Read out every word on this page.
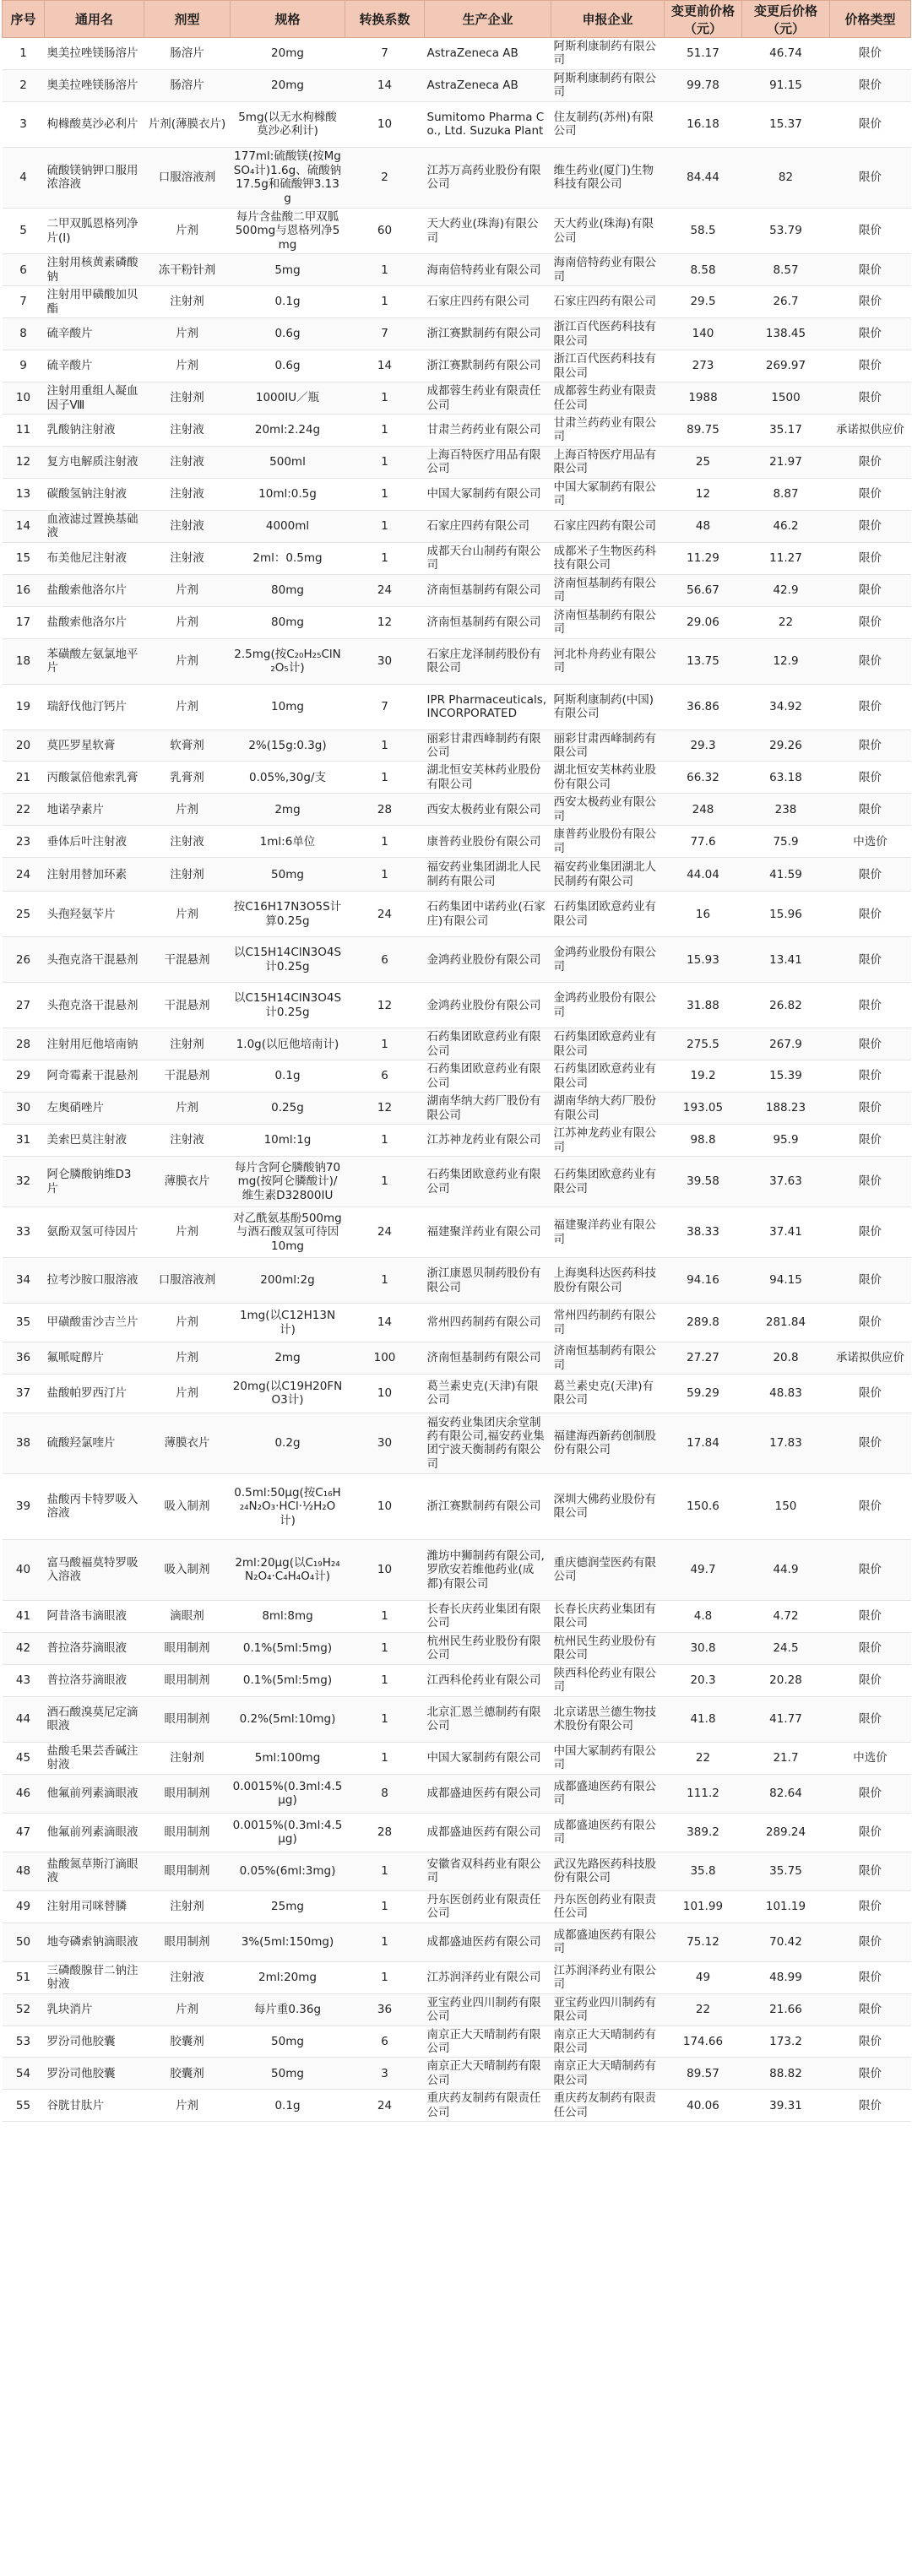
序号	通用名	剂型	规格	转换系数	生产企业	申报企业	变更前价格（元）	变更后价格（元）	价格类型
1	奥美拉唑镁肠溶片	肠溶片	20mg	7	AstraZeneca AB	阿斯利康制药有限公司	51.17	46.74	限价
2	奥美拉唑镁肠溶片	肠溶片	20mg	14	AstraZeneca AB	阿斯利康制药有限公司	99.78	91.15	限价
3	枸橼酸莫沙必利片	片剂(薄膜衣片)	5mg(以无水枸橼酸莫沙必利计)	10	Sumitomo Pharma Co., Ltd. Suzuka Plant	住友制药(苏州)有限公司	16.18	15.37	限价
4	硫酸镁钠钾口服用浓溶液	口服溶液剂	177ml:硫酸镁(按MgSO₄计)1.6g、硫酸钠17.5g和硫酸钾3.13g	2	江苏万高药业股份有限公司	维生药业(厦门)生物科技有限公司	84.44	82	限价
5	二甲双胍恩格列净片(Ⅰ)	片剂	每片含盐酸二甲双胍500mg与恩格列净5mg	60	天大药业(珠海)有限公司	天大药业(珠海)有限公司	58.5	53.79	限价
6	注射用核黄素磷酸钠	冻干粉针剂	5mg	1	海南倍特药业有限公司	海南倍特药业有限公司	8.58	8.57	限价
7	注射用甲磺酸加贝酯	注射剂	0.1g	1	石家庄四药有限公司	石家庄四药有限公司	29.5	26.7	限价
8	硫辛酸片	片剂	0.6g	7	浙江赛默制药有限公司	浙江百代医药科技有限公司	140	138.45	限价
9	硫辛酸片	片剂	0.6g	14	浙江赛默制药有限公司	浙江百代医药科技有限公司	273	269.97	限价
10	注射用重组人凝血因子Ⅷ	注射剂	1000IU／瓶	1	成都蓉生药业有限责任公司	成都蓉生药业有限责任公司	1988	1500	限价
11	乳酸钠注射液	注射液	20ml:2.24g	1	甘肃兰药药业有限公司	甘肃兰药药业有限公司	89.75	35.17	承诺拟供应价
12	复方电解质注射液	注射液	500ml	1	上海百特医疗用品有限公司	上海百特医疗用品有限公司	25	21.97	限价
13	碳酸氢钠注射液	注射液	10ml:0.5g	1	中国大冢制药有限公司	中国大冢制药有限公司	12	8.87	限价
14	血液滤过置换基础液	注射液	4000ml	1	石家庄四药有限公司	石家庄四药有限公司	48	46.2	限价
15	布美他尼注射液	注射液	2ml：0.5mg	1	成都天台山制药有限公司	成都米子生物医药科技有限公司	11.29	11.27	限价
16	盐酸索他洛尔片	片剂	80mg	24	济南恒基制药有限公司	济南恒基制药有限公司	56.67	42.9	限价
17	盐酸索他洛尔片	片剂	80mg	12	济南恒基制药有限公司	济南恒基制药有限公司	29.06	22	限价
18	苯磺酸左氨氯地平片	片剂	2.5mg(按C₂₀H₂₅ClN₂O₅计)	30	石家庄龙泽制药股份有限公司	河北朴舟药业有限公司	13.75	12.9	限价
19	瑞舒伐他汀钙片	片剂	10mg	7	IPR Pharmaceuticals,INCORPORATED	阿斯利康制药(中国)有限公司	36.86	34.92	限价
20	莫匹罗星软膏	软膏剂	2%(15g:0.3g)	1	丽彩甘肃西峰制药有限公司	丽彩甘肃西峰制药有限公司	29.3	29.26	限价
21	丙酸氯倍他索乳膏	乳膏剂	0.05%,30g/支	1	湖北恒安芙林药业股份有限公司	湖北恒安芙林药业股份有限公司	66.32	63.18	限价
22	地诺孕素片	片剂	2mg	28	西安太极药业有限公司	西安太极药业有限公司	248	238	限价
23	垂体后叶注射液	注射液	1ml:6单位	1	康普药业股份有限公司	康普药业股份有限公司	77.6	75.9	中选价
24	注射用替加环素	注射剂	50mg	1	福安药业集团湖北人民制药有限公司	福安药业集团湖北人民制药有限公司	44.04	41.59	限价
25	头孢羟氨苄片	片剂	按C16H17N3O5S计算0.25g	24	石药集团中诺药业(石家庄)有限公司	石药集团欧意药业有限公司	16	15.96	限价
26	头孢克洛干混悬剂	干混悬剂	以C15H14ClN3O4S计0.25g	6	金鸿药业股份有限公司	金鸿药业股份有限公司	15.93	13.41	限价
27	头孢克洛干混悬剂	干混悬剂	以C15H14ClN3O4S计0.25g	12	金鸿药业股份有限公司	金鸿药业股份有限公司	31.88	26.82	限价
28	注射用厄他培南钠	注射剂	1.0g(以厄他培南计)	1	石药集团欧意药业有限公司	石药集团欧意药业有限公司	275.5	267.9	限价
29	阿奇霉素干混悬剂	干混悬剂	0.1g	6	石药集团欧意药业有限公司	石药集团欧意药业有限公司	19.2	15.39	限价
30	左奥硝唑片	片剂	0.25g	12	湖南华纳大药厂股份有限公司	湖南华纳大药厂股份有限公司	193.05	188.23	限价
31	美索巴莫注射液	注射液	10ml:1g	1	江苏神龙药业有限公司	江苏神龙药业有限公司	98.8	95.9	限价
32	阿仑膦酸钠维D3片	薄膜衣片	每片含阿仑膦酸钠70mg(按阿仑膦酸计)/维生素D32800IU	1	石药集团欧意药业有限公司	石药集团欧意药业有限公司	39.58	37.63	限价
33	氨酚双氢可待因片	片剂	对乙酰氨基酚500mg与酒石酸双氢可待因10mg	24	福建聚洋药业有限公司	福建聚洋药业有限公司	38.33	37.41	限价
34	拉考沙胺口服溶液	口服溶液剂	200ml:2g	1	浙江康恩贝制药股份有限公司	上海奥科达医药科技股份有限公司	94.16	94.15	限价
35	甲磺酸雷沙吉兰片	片剂	1mg(以C12H13N计)	14	常州四药制药有限公司	常州四药制药有限公司	289.8	281.84	限价
36	氟哌啶醇片	片剂	2mg	100	济南恒基制药有限公司	济南恒基制药有限公司	27.27	20.8	承诺拟供应价
37	盐酸帕罗西汀片	片剂	20mg(以C19H20FNO3计)	10	葛兰素史克(天津)有限公司	葛兰素史克(天津)有限公司	59.29	48.83	限价
38	硫酸羟氯喹片	薄膜衣片	0.2g	30	福安药业集团庆余堂制药有限公司,福安药业集团宁波天衡制药有限公司	福建海西新药创制股份有限公司	17.84	17.83	限价
39	盐酸丙卡特罗吸入溶液	吸入制剂	0.5ml:50μg(按C₁₆H₂₄N₂O₃·HCl·½H₂O计)	10	浙江赛默制药有限公司	深圳大佛药业股份有限公司	150.6	150	限价
40	富马酸福莫特罗吸入溶液	吸入制剂	2ml:20μg(以C₁₉H₂₄N₂O₄·C₄H₄O₄计)	10	潍坊中狮制药有限公司,罗欣安若维他药业(成都)有限公司	重庆德润莹医药有限公司	49.7	44.9	限价
41	阿昔洛韦滴眼液	滴眼剂	8ml:8mg	1	长春长庆药业集团有限公司	长春长庆药业集团有限公司	4.8	4.72	限价
42	普拉洛芬滴眼液	眼用制剂	0.1%(5ml:5mg)	1	杭州民生药业股份有限公司	杭州民生药业股份有限公司	30.8	24.5	限价
43	普拉洛芬滴眼液	眼用制剂	0.1%(5ml:5mg)	1	江西科伦药业有限公司	陕西科伦药业有限公司	20.3	20.28	限价
44	酒石酸溴莫尼定滴眼液	眼用制剂	0.2%(5ml:10mg)	1	北京汇恩兰德制药有限公司	北京诺思兰德生物技术股份有限公司	41.8	41.77	限价
45	盐酸毛果芸香碱注射液	注射剂	5ml:100mg	1	中国大冢制药有限公司	中国大冢制药有限公司	22	21.7	中选价
46	他氟前列素滴眼液	眼用制剂	0.0015%(0.3ml:4.5μg)	8	成都盛迪医药有限公司	成都盛迪医药有限公司	111.2	82.64	限价
47	他氟前列素滴眼液	眼用制剂	0.0015%(0.3ml:4.5μg)	28	成都盛迪医药有限公司	成都盛迪医药有限公司	389.2	289.24	限价
48	盐酸氮草斯汀滴眼液	眼用制剂	0.05%(6ml:3mg)	1	安徽省双科药业有限公司	武汉先路医药科技股份有限公司	35.8	35.75	限价
49	注射用司咪替膦	注射剂	25mg	1	丹东医创药业有限责任公司	丹东医创药业有限责任公司	101.99	101.19	限价
50	地夸磷索钠滴眼液	眼用制剂	3%(5ml:150mg)	1	成都盛迪医药有限公司	成都盛迪医药有限公司	75.12	70.42	限价
51	三磷酸腺苷二钠注射液	注射液	2ml:20mg	1	江苏润泽药业有限公司	江苏润泽药业有限公司	49	48.99	限价
52	乳块消片	片剂	每片重0.36g	36	亚宝药业四川制药有限公司	亚宝药业四川制药有限公司	22	21.66	限价
53	罗汾司他胶囊	胶囊剂	50mg	6	南京正大天晴制药有限公司	南京正大天晴制药有限公司	174.66	173.2	限价
54	罗汾司他胶囊	胶囊剂	50mg	3	南京正大天晴制药有限公司	南京正大天晴制药有限公司	89.57	88.82	限价
55	谷胱甘肽片	片剂	0.1g	24	重庆药友制药有限责任公司	重庆药友制药有限责任公司	40.06	39.31	限价
